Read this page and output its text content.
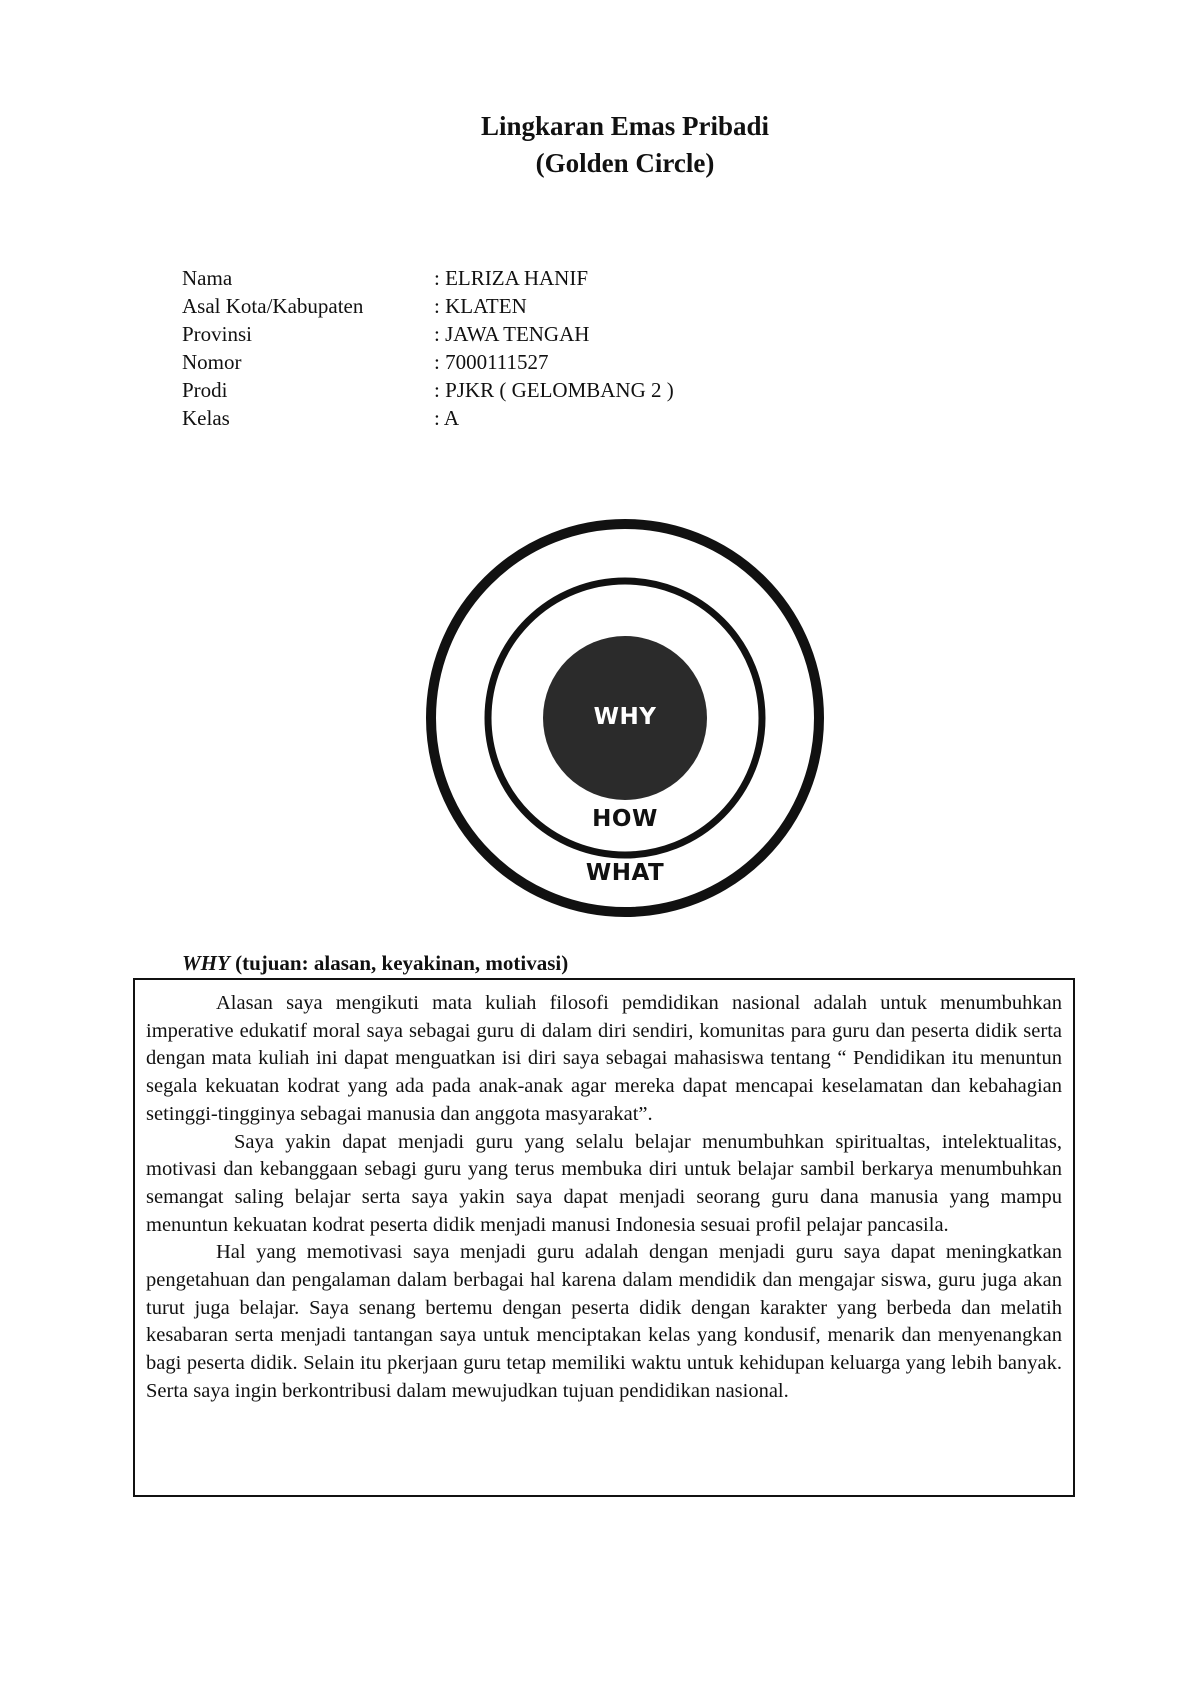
Lingkaran Emas Pribadi

(Golden Circle)

Nama	: ELRIZA HANIF
Asal Kota/Kabupaten	: KLATEN
Provinsi	: JAWA TENGAH
Nomor	: 7000111527
Prodi	: PJKR ( GELOMBANG 2 )
Kelas	: A
WHY
HOW
WHAT
WHY (tujuan: alasan, keyakinan, motivasi)

Alasan saya mengikuti mata kuliah filosofi pemdidikan nasional adalah untuk menumbuhkan imperative edukatif moral saya sebagai guru di dalam diri sendiri, komunitas para guru dan peserta didik serta dengan mata kuliah ini dapat menguatkan isi diri saya sebagai mahasiswa tentang “ Pendidikan itu menuntun segala kekuatan kodrat yang ada pada anak-anak agar mereka dapat mencapai keselamatan dan kebahagian setinggi-tingginya sebagai manusia dan anggota masyarakat”.

Saya yakin dapat menjadi guru yang selalu belajar menumbuhkan spiritualtas, intelektualitas, motivasi dan kebanggaan sebagi guru yang terus membuka diri untuk belajar sambil berkarya menumbuhkan semangat saling belajar serta saya yakin saya dapat menjadi seorang guru dana manusia yang mampu menuntun kekuatan kodrat peserta didik menjadi manusi Indonesia sesuai profil pelajar pancasila.

Hal yang memotivasi saya menjadi guru adalah dengan menjadi guru saya dapat meningkatkan pengetahuan dan pengalaman dalam berbagai hal karena dalam mendidik dan mengajar siswa, guru juga akan turut juga belajar. Saya senang bertemu dengan peserta didik dengan karakter yang berbeda dan melatih kesabaran serta menjadi tantangan saya untuk menciptakan kelas yang kondusif, menarik dan menyenangkan bagi peserta didik. Selain itu pkerjaan guru tetap memiliki waktu untuk kehidupan keluarga yang lebih banyak. Serta saya ingin berkontribusi dalam mewujudkan tujuan pendidikan nasional.
